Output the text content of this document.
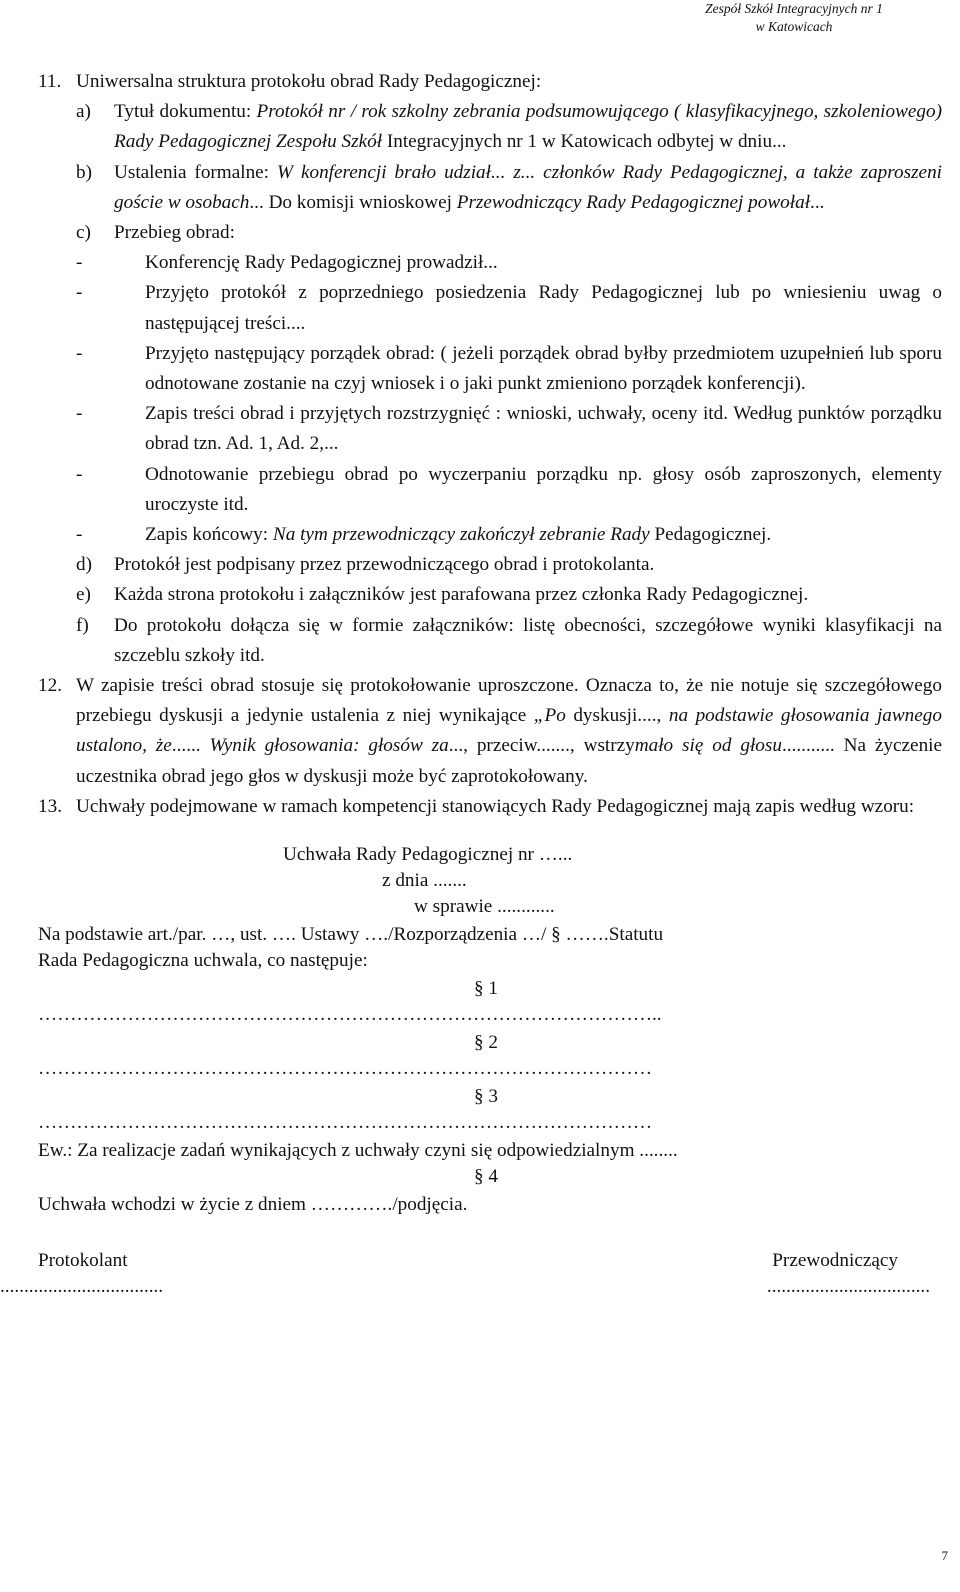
Zespół Szkół Integracyjnych nr 1
w Katowicach
11. Uniwersalna struktura protokołu obrad Rady Pedagogicznej:
a) Tytuł dokumentu: Protokół nr / rok szkolny zebrania podsumowującego ( klasyfikacyjnego, szkoleniowego) Rady Pedagogicznej Zespołu Szkół Integracyjnych nr 1 w Katowicach odbytej w dniu...
b) Ustalenia formalne: W konferencji brało udział... z... członków Rady Pedagogicznej, a także zaproszeni goście w osobach... Do komisji wnioskowej Przewodniczący Rady Pedagogicznej powołał...
c) Przebieg obrad:
-	Konferencję Rady Pedagogicznej prowadził...
-	Przyjęto protokół z poprzedniego posiedzenia Rady Pedagogicznej lub po wniesieniu uwag o następującej treści....
-	Przyjęto następujący porządek obrad: ( jeżeli porządek obrad byłby przedmiotem uzupełnień lub sporu odnotowane zostanie na czyj wniosek i o jaki punkt zmieniono porządek konferencji).
-	Zapis treści obrad i przyjętych rozstrzygnięć : wnioski, uchwały, oceny itd. Według punktów porządku obrad tzn. Ad. 1, Ad. 2,...
-	Odnotowanie przebiegu obrad po wyczerpaniu porządku np. głosy osób zaproszonych, elementy uroczyste itd.
-	Zapis końcowy: Na tym przewodniczący zakończył zebranie Rady Pedagogicznej.
d) Protokół jest podpisany przez przewodniczącego obrad i protokolanta.
e) Każda strona protokołu i załączników jest parafowana przez członka Rady Pedagogicznej.
f) Do protokołu dołącza się w formie załączników: listę obecności, szczegółowe wyniki klasyfikacji na szczeblu szkoły itd.
12. W zapisie treści obrad stosuje się protokołowanie uproszczone. Oznacza to, że nie notuje się szczegółowego przebiegu dyskusji a jedynie ustalenia z niej wynikające „Po dyskusji...., na podstawie głosowania jawnego ustalono, że...... Wynik głosowania: głosów za..., przeciw......., wstrzymało się od głosu........... Na życzenie uczestnika obrad jego głos w dyskusji może być zaprotokołowany.
13. Uchwały podejmowane w ramach kompetencji stanowiących Rady Pedagogicznej mają zapis według wzoru:
Uchwała Rady Pedagogicznej nr …...
z dnia .......
w sprawie ............
Na podstawie art./par. …, ust. …. Ustawy …./Rozporządzenia …/ § …….Statutu
Rada Pedagogiczna uchwala, co następuje:
§ 1
……………………………………………………………………………………..
§ 2
……………………………………………………………………………………
§ 3
……………………………………………………………………………………
Ew.: Za realizacje zadań wynikających z uchwały czyni się odpowiedzialnym ........
§ 4
Uchwała wchodzi w życie z dniem …………./podjęcia.
Protokolant	Przewodniczący
..................................	..................................
7
